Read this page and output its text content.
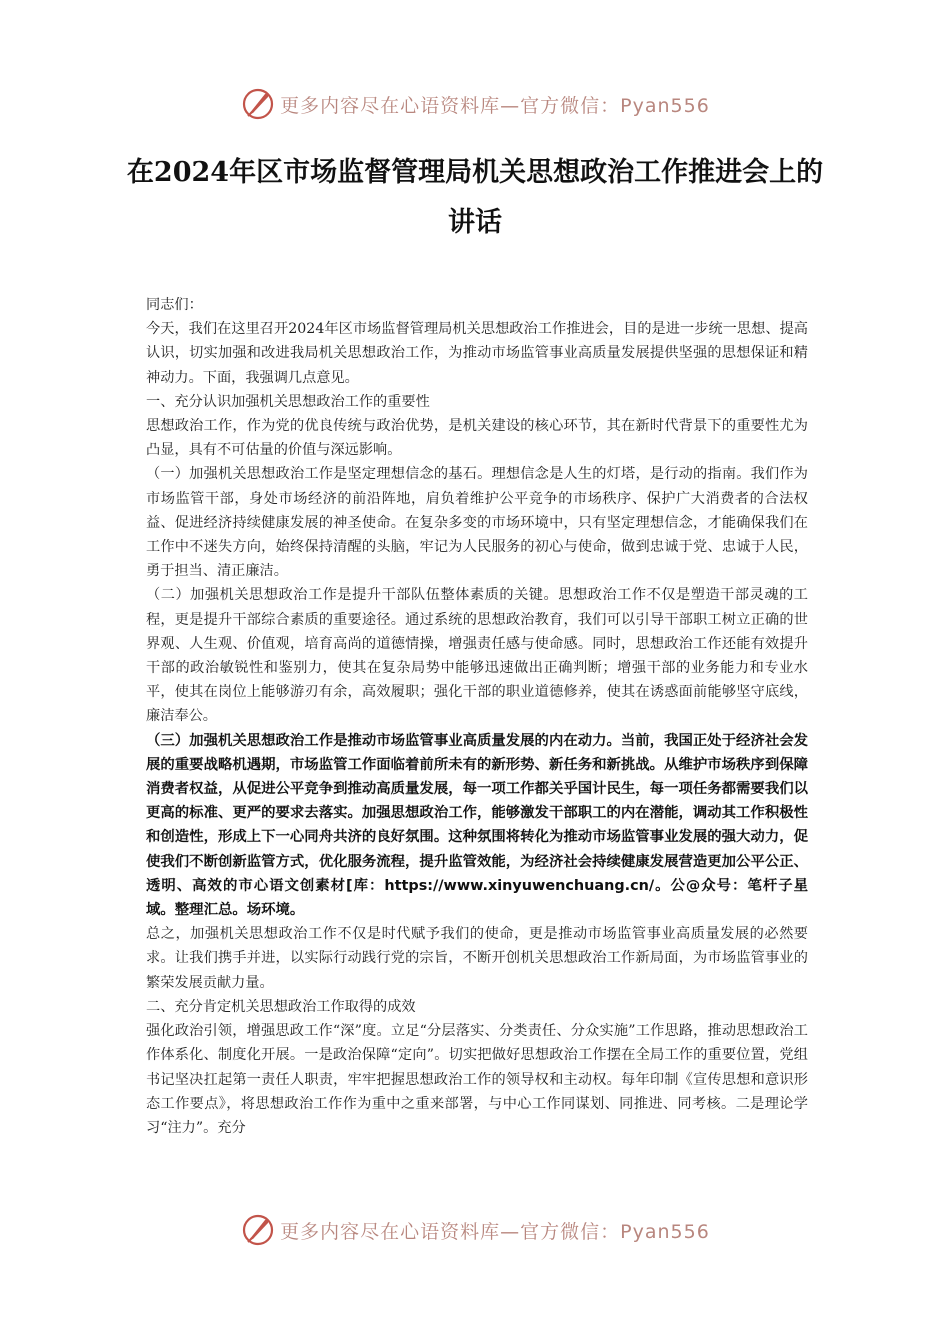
更多内容尽在心语资料库—官方微信：Pyan556
在2024年区市场监督管理局机关思想政治工作推进会上的讲话

同志们：

今天，我们在这里召开2024年区市场监督管理局机关思想政治工作推进会，目的是进一步统一思想、提高认识，切实加强和改进我局机关思想政治工作，为推动市场监管事业高质量发展提供坚强的思想保证和精神动力。下面，我强调几点意见。

一、充分认识加强机关思想政治工作的重要性

思想政治工作，作为党的优良传统与政治优势，是机关建设的核心环节，其在新时代背景下的重要性尤为凸显，具有不可估量的价值与深远影响。

（一）加强机关思想政治工作是坚定理想信念的基石。理想信念是人生的灯塔，是行动的指南。我们作为市场监管干部，身处市场经济的前沿阵地，肩负着维护公平竞争的市场秩序、保护广大消费者的合法权益、促进经济持续健康发展的神圣使命。在复杂多变的市场环境中，只有坚定理想信念，才能确保我们在工作中不迷失方向，始终保持清醒的头脑，牢记为人民服务的初心与使命，做到忠诚于党、忠诚于人民，勇于担当、清正廉洁。

（二）加强机关思想政治工作是提升干部队伍整体素质的关键。思想政治工作不仅是塑造干部灵魂的工程，更是提升干部综合素质的重要途径。通过系统的思想政治教育，我们可以引导干部职工树立正确的世界观、人生观、价值观，培育高尚的道德情操，增强责任感与使命感。同时，思想政治工作还能有效提升干部的政治敏锐性和鉴别力，使其在复杂局势中能够迅速做出正确判断；增强干部的业务能力和专业水平，使其在岗位上能够游刃有余，高效履职；强化干部的职业道德修养，使其在诱惑面前能够坚守底线，廉洁奉公。

（三）加强机关思想政治工作是推动市场监管事业高质量发展的内在动力。当前，我国正处于经济社会发展的重要战略机遇期，市场监管工作面临着前所未有的新形势、新任务和新挑战。从维护市场秩序到保障消费者权益，从促进公平竞争到推动高质量发展，每一项工作都关乎国计民生，每一项任务都需要我们以更高的标准、更严的要求去落实。加强思想政治工作，能够激发干部职工的内在潜能，调动其工作积极性和创造性，形成上下一心同舟共济的良好氛围。这种氛围将转化为推动市场监管事业发展的强大动力，促使我们不断创新监管方式，优化服务流程，提升监管效能，为经济社会持续健康发展营造更加公平公正、透明、高效的市心语文创素材[库：https://www.xinyuwenchuang.cn/。公@众号：笔杆子星域。整理汇总。场环境。

总之，加强机关思想政治工作不仅是时代赋予我们的使命，更是推动市场监管事业高质量发展的必然要求。让我们携手并进，以实际行动践行党的宗旨，不断开创机关思想政治工作新局面，为市场监管事业的繁荣发展贡献力量。

二、充分肯定机关思想政治工作取得的成效

强化政治引领，增强思政工作“深”度。立足“分层落实、分类责任、分众实施”工作思路，推动思想政治工作体系化、制度化开展。一是政治保障“定向”。切实把做好思想政治工作摆在全局工作的重要位置，党组书记坚决扛起第一责任人职责，牢牢把握思想政治工作的领导权和主动权。每年印制《宣传思想和意识形态工作要点》，将思想政治工作作为重中之重来部署，与中心工作同谋划、同推进、同考核。二是理论学习“注力”。充分

更多内容尽在心语资料库—官方微信：Pyan556
